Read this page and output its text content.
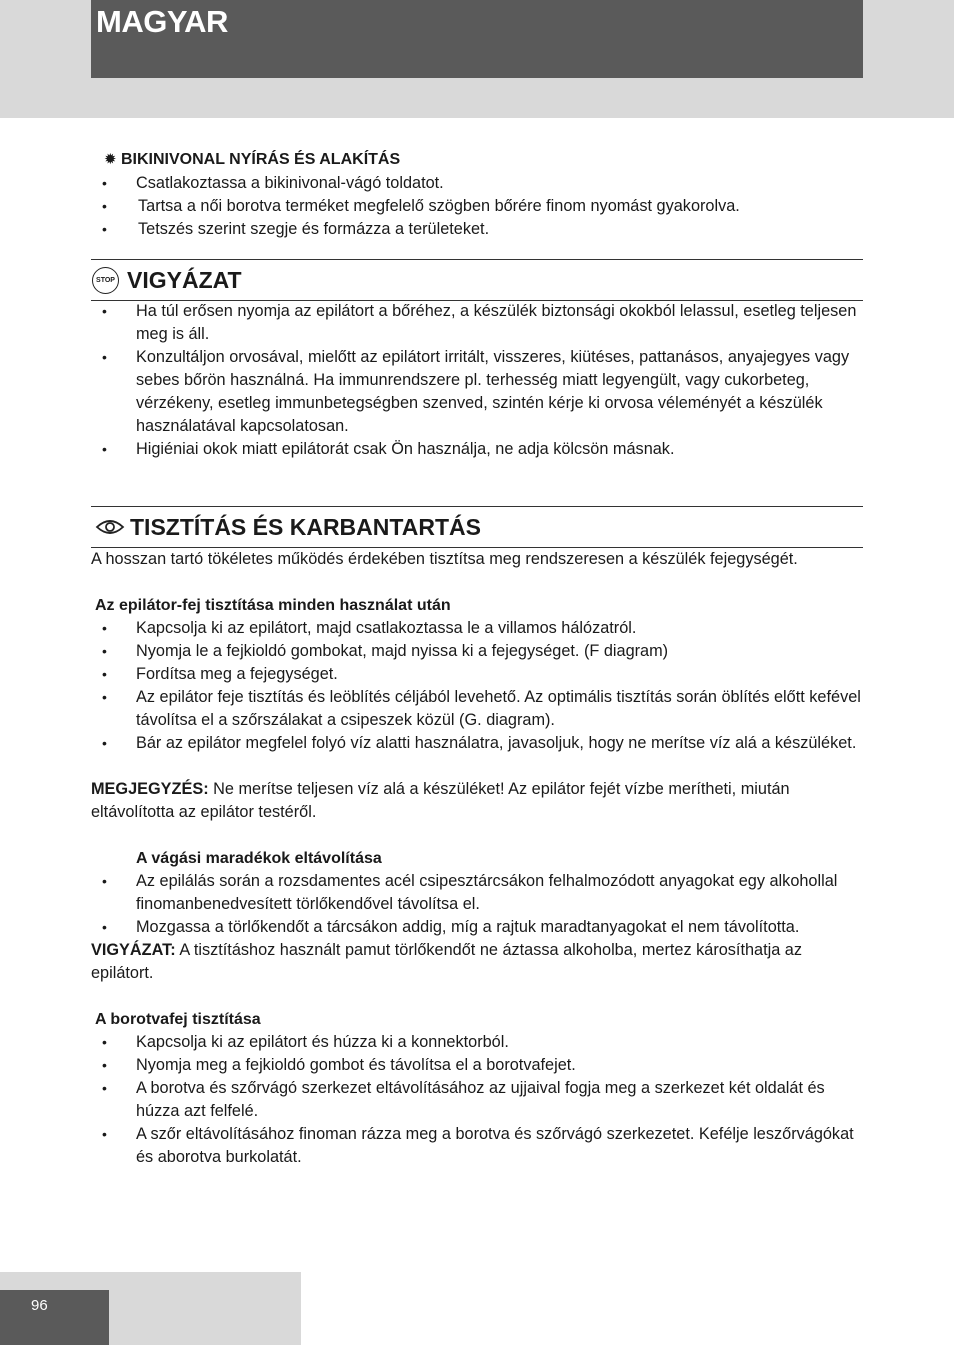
MAGYAR
✹ BIKINIVONAL NYÍRÁS ÉS ALAKÍTÁS
• Csatlakoztassa a bikinivonal-vágó toldatot.
• Tartsa a női borotva terméket megfelelő szögben bőrére finom nyomást gyakorolva.
• Tetszés szerint szegje és formázza a területeket.
STOP VIGYÁZAT
• Ha túl erősen nyomja az epilátort a bőréhez, a készülék biztonsági okokból lelassul, esetleg teljesen meg is áll.
• Konzultáljon orvosával, mielőtt az epilátort irritált, visszeres, kiütéses, pattanásos, anyajegyes vagy sebes bőrön használná. Ha immunrendszere pl. terhesség miatt legyengült, vagy cukorbeteg, vérzékeny, esetleg immunbetegségben szenved, szintén kérje ki orvosa véleményét a készülék használatával kapcsolatosan.
• Higiéniai okok miatt epilátorát csak Ön használja, ne adja kölcsön másnak.
TISZTÍTÁS ÉS KARBANTARTÁS
A hosszan tartó tökéletes működés érdekében tisztítsa meg rendszeresen a készülék fejegységét.
Az epilátor-fej tisztítása minden használat után
• Kapcsolja ki az epilátort, majd csatlakoztassa le a villamos hálózatról.
• Nyomja le a fejkioldó gombokat, majd nyissa ki a fejegységet. (F diagram)
• Fordítsa meg a fejegységet.
• Az epilátor feje tisztítás és leöblítés céljából levehető. Az optimális tisztítás során öblítés előtt kefével távolítsa el a szőrszálakat a csipeszek közül (G. diagram).
• Bár az epilátor megfelel folyó víz alatti használatra, javasoljuk, hogy ne merítse víz alá a készüléket.
MEGJEGYZÉS: Ne merítse teljesen víz alá a készüléket! Az epilátor fejét vízbe merítheti, miután eltávolította az epilátor testéről.
A vágási maradékok eltávolítása
• Az epilálás során a rozsdamentes acél csipesztárcsákon felhalmozódott anyagokat egy alkohollal finomanbenedvesített törlőkendővel távolítsa el.
• Mozgassa a törlőkendőt a tárcsákon addig, míg a rajtuk maradtanyagokat el nem távolította.
VIGYÁZAT: A tisztításhoz használt pamut törlőkendőt ne áztassa alkoholba, mertez károsíthatja az epilátort.
A borotvafej tisztítása
• Kapcsolja ki az epilátort és húzza ki a konnektorból.
• Nyomja meg a fejkioldó gombot és távolítsa el a borotvafejet.
• A borotva és szőrvágó szerkezet eltávolításához az ujjaival fogja meg a szerkezet két oldalát és húzza azt felfelé.
• A szőr eltávolításához finoman rázza meg a borotva és szőrvágó szerkezetet. Kefélje leszőrvágókat és aborotva burkolatát.
96
